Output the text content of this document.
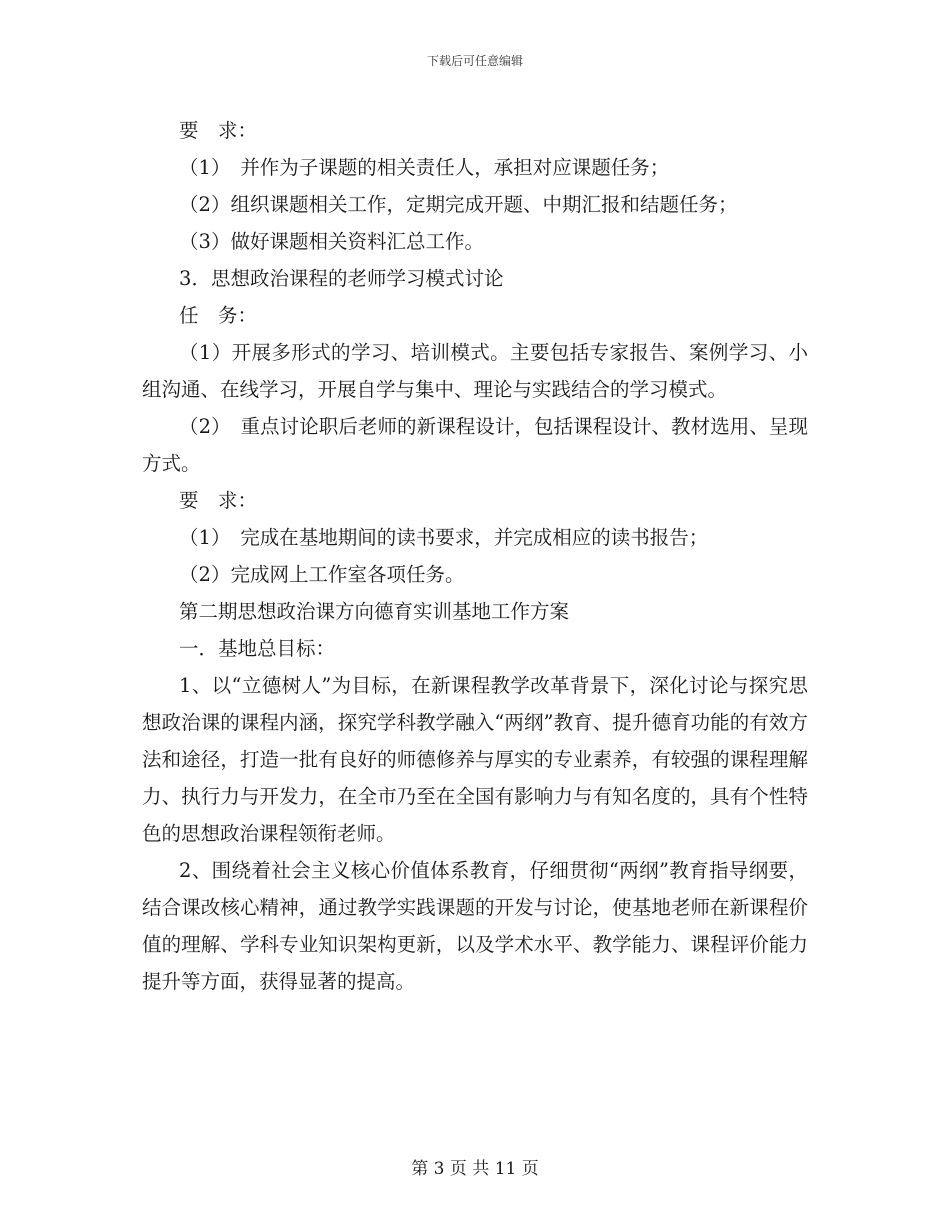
下载后可任意编辑

要　求：

（1）　并作为子课题的相关责任人，承担对应课题任务；

（2）组织课题相关工作，定期完成开题、中期汇报和结题任务；

（3）做好课题相关资料汇总工作。

3．思想政治课程的老师学习模式讨论

任　务：

（1）开展多形式的学习、培训模式。主要包括专家报告、案例学习、小组沟通、在线学习，开展自学与集中、理论与实践结合的学习模式。

（2）　重点讨论职后老师的新课程设计，包括课程设计、教材选用、呈现方式。

要　求：

（1）　完成在基地期间的读书要求，并完成相应的读书报告；

（2）完成网上工作室各项任务。

第二期思想政治课方向德育实训基地工作方案

一．基地总目标：

1、以“立德树人”为目标，在新课程教学改革背景下，深化讨论与探究思想政治课的课程内涵，探究学科教学融入“两纲”教育、提升德育功能的有效方法和途径，打造一批有良好的师德修养与厚实的专业素养，有较强的课程理解力、执行力与开发力，在全市乃至在全国有影响力与有知名度的，具有个性特色的思想政治课程领衔老师。

2、围绕着社会主义核心价值体系教育，仔细贯彻“两纲”教育指导纲要，结合课改核心精神，通过教学实践课题的开发与讨论，使基地老师在新课程价值的理解、学科专业知识架构更新，以及学术水平、教学能力、课程评价能力提升等方面，获得显著的提高。

第 3 页 共 11 页
